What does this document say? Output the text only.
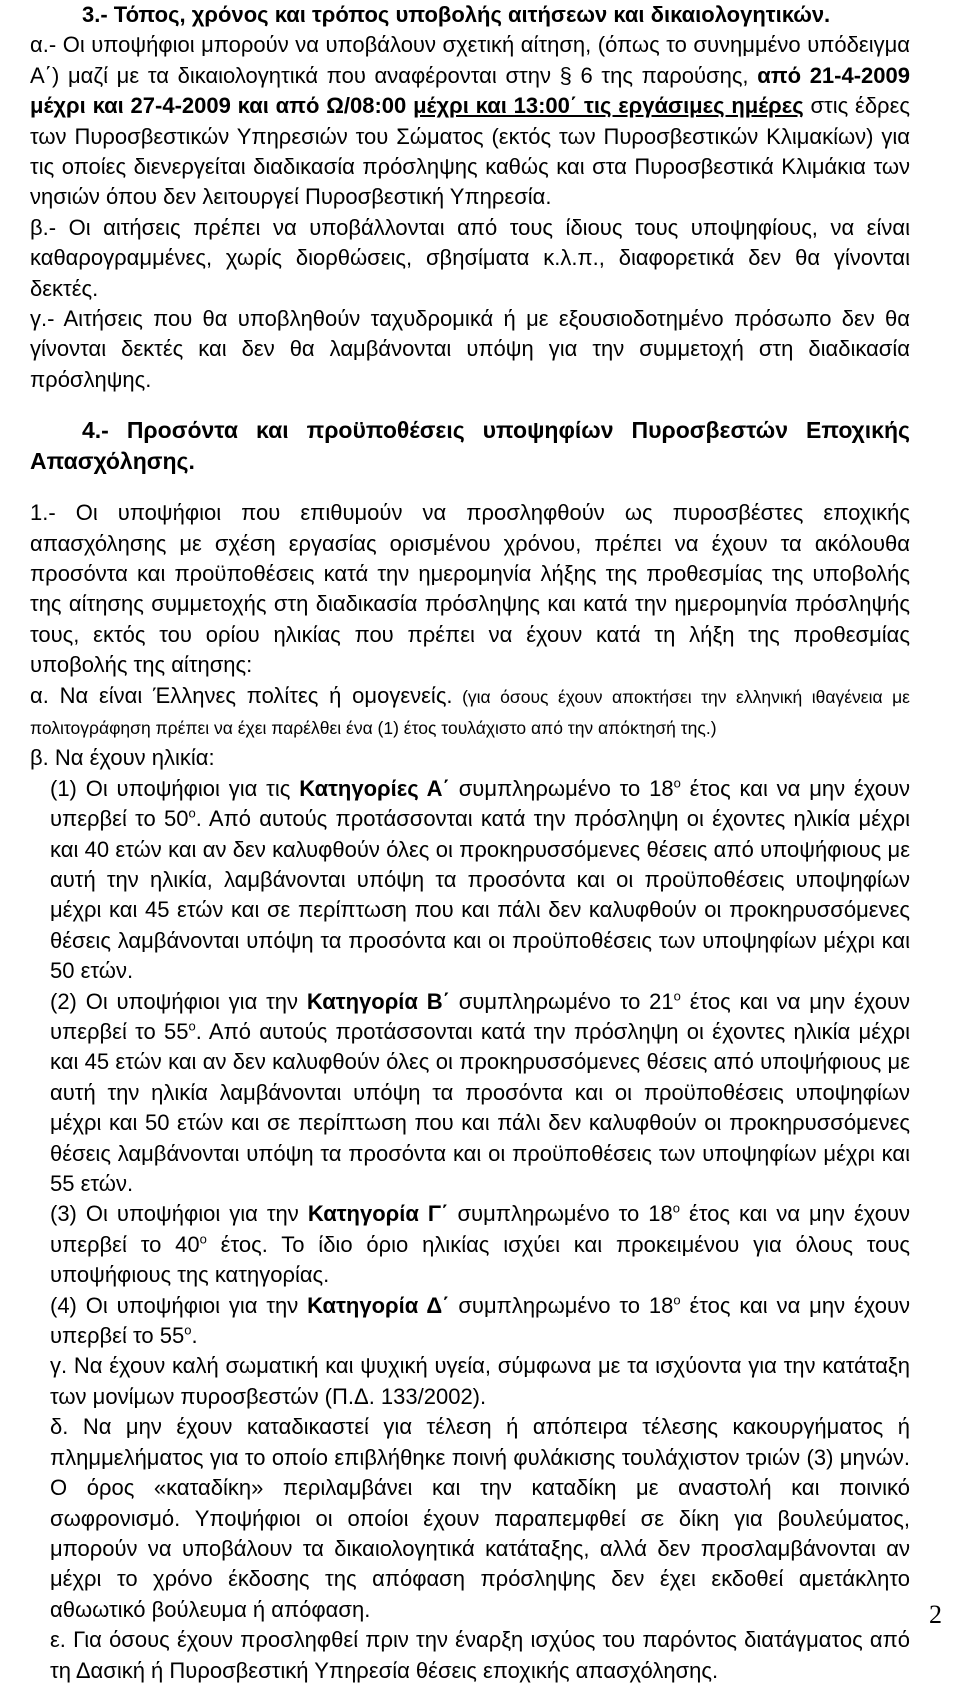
3.- Τόπος, χρόνος και τρόπος υποβολής αιτήσεων και δικαιολογητικών.

α.- Οι υποψήφιοι μπορούν να υποβάλουν σχετική αίτηση, (όπως το συνημμένο υπόδειγμα Α΄) μαζί με τα δικαιολογητικά που αναφέρονται στην § 6 της παρούσης, από 21-4-2009 μέχρι και 27-4-2009 και από Ω/08:00 μέχρι και 13:00΄ τις εργάσιμες ημέρες στις έδρες των Πυροσβεστικών Υπηρεσιών του Σώματος (εκτός των Πυροσβεστικών Κλιμακίων) για τις οποίες διενεργείται διαδικασία πρόσληψης καθώς και στα Πυροσβεστικά Κλιμάκια των νησιών όπου δεν λειτουργεί Πυροσβεστική Υπηρεσία.

β.- Οι αιτήσεις πρέπει να υποβάλλονται από τους ίδιους τους υποψηφίους, να είναι καθαρογραμμένες, χωρίς διορθώσεις, σβησίματα κ.λ.π., διαφορετικά δεν θα γίνονται δεκτές.

γ.- Αιτήσεις που θα υποβληθούν ταχυδρομικά ή με εξουσιοδοτημένο πρόσωπο δεν θα γίνονται δεκτές και δεν θα λαμβάνονται υπόψη για την συμμετοχή στη διαδικασία πρόσληψης.

4.- Προσόντα και προϋποθέσεις υποψηφίων Πυροσβεστών Εποχικής

Απασχόλησης.

1.- Οι υποψήφιοι που επιθυμούν να προσληφθούν ως πυροσβέστες εποχικής απασχόλησης με σχέση εργασίας ορισμένου χρόνου, πρέπει να έχουν τα ακόλουθα προσόντα και προϋποθέσεις κατά την ημερομηνία λήξης της προθεσμίας της υποβολής της αίτησης συμμετοχής στη διαδικασία πρόσληψης και κατά την ημερομηνία πρόσληψής τους, εκτός του ορίου ηλικίας που πρέπει να έχουν κατά τη λήξη της προθεσμίας υποβολής της αίτησης:

α. Να είναι Έλληνες πολίτες ή ομογενείς. (για όσους έχουν αποκτήσει την ελληνική ιθαγένεια με πολιτογράφηση πρέπει να έχει παρέλθει ένα (1) έτος τουλάχιστο από την απόκτησή της.)

β. Να έχουν ηλικία:

(1) Οι υποψήφιοι για τις Κατηγορίες Α΄ συμπληρωμένο το $18^o$ έτος και να μην έχουν υπερβεί το $50^o$. Από αυτούς προτάσσονται κατά την πρόσληψη οι έχοντες ηλικία μέχρι και 40 ετών και αν δεν καλυφθούν όλες οι προκηρυσσόμενες θέσεις από υποψήφιους με αυτή την ηλικία, λαμβάνονται υπόψη τα προσόντα και οι προϋποθέσεις υποψηφίων μέχρι και 45 ετών και σε περίπτωση που και πάλι δεν καλυφθούν οι προκηρυσσόμενες θέσεις λαμβάνονται υπόψη τα προσόντα και οι προϋποθέσεις των υποψηφίων μέχρι και 50 ετών.

(2) Οι υποψήφιοι για την Κατηγορία Β΄ συμπληρωμένο το $21^o$ έτος και να μην έχουν υπερβεί το $55^o$. Από αυτούς προτάσσονται κατά την πρόσληψη οι έχοντες ηλικία μέχρι και 45 ετών και αν δεν καλυφθούν όλες οι προκηρυσσόμενες θέσεις από υποψήφιους με αυτή την ηλικία λαμβάνονται υπόψη τα προσόντα και οι προϋποθέσεις υποψηφίων μέχρι και 50 ετών και σε περίπτωση που και πάλι δεν καλυφθούν οι προκηρυσσόμενες θέσεις λαμβάνονται υπόψη τα προσόντα και οι προϋποθέσεις των υποψηφίων μέχρι και 55 ετών.

(3) Οι υποψήφιοι για την Κατηγορία Γ΄ συμπληρωμένο το $18^o$ έτος και να μην έχουν υπερβεί το $40^o$ έτος. Το ίδιο όριο ηλικίας ισχύει και προκειμένου για όλους τους υποψήφιους της κατηγορίας.

(4) Οι υποψήφιοι για την Κατηγορία Δ΄ συμπληρωμένο το $18^o$ έτος και να μην έχουν υπερβεί το $55^o$.

γ. Να έχουν καλή σωματική και ψυχική υγεία, σύμφωνα με τα ισχύοντα για την κατάταξη των μονίμων πυροσβεστών (Π.Δ. 133/2002).

δ. Να μην έχουν καταδικαστεί για τέλεση ή απόπειρα τέλεσης κακουργήματος ή πλημμελήματος για το οποίο επιβλήθηκε ποινή φυλάκισης τουλάχιστον τριών (3) μηνών. Ο όρος «καταδίκη» περιλαμβάνει και την καταδίκη με αναστολή και ποινικό σωφρονισμό. Υποψήφιοι οι οποίοι έχουν παραπεμφθεί σε δίκη για βουλεύματος, μπορούν να υποβάλουν τα δικαιολογητικά κατάταξης, αλλά δεν προσλαμβάνονται αν μέχρι το χρόνο έκδοσης της απόφαση πρόσληψης δεν έχει εκδοθεί αμετάκλητο αθωωτικό βούλευμα ή απόφαση.

ε. Για όσους έχουν προσληφθεί πριν την έναρξη ισχύος του παρόντος διατάγματος από τη Δασική ή Πυροσβεστική Υπηρεσία θέσεις εποχικής απασχόλησης.

2
